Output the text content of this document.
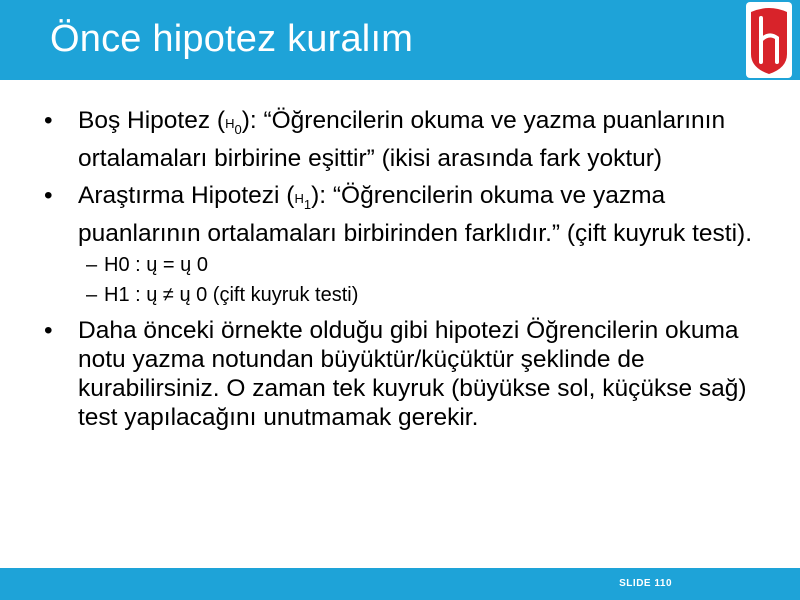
Önce hipotez kuralım
• Boş Hipotez $(H_0)$: “Öğrencilerin okuma ve yazma puanlarının ortalamaları birbirine eşittir” (ikisi arasında fark yoktur)
• Araştırma Hipotezi $(H_1)$: “Öğrencilerin okuma ve yazma puanlarının ortalamaları birbirinden farklıdır.” (çift kuyruk testi).
– H0 : ų = ų 0
– H1 : ų ≠ ų 0 (çift kuyruk testi)
• Daha önceki örnekte olduğu gibi hipotezi Öğrencilerin okuma notu yazma notundan büyüktür/küçüktür şeklinde de kurabilirsiniz. O zaman tek kuyruk (büyükse sol, küçükse sağ) test yapılacağını unutmamak gerekir.
SLIDE 110
